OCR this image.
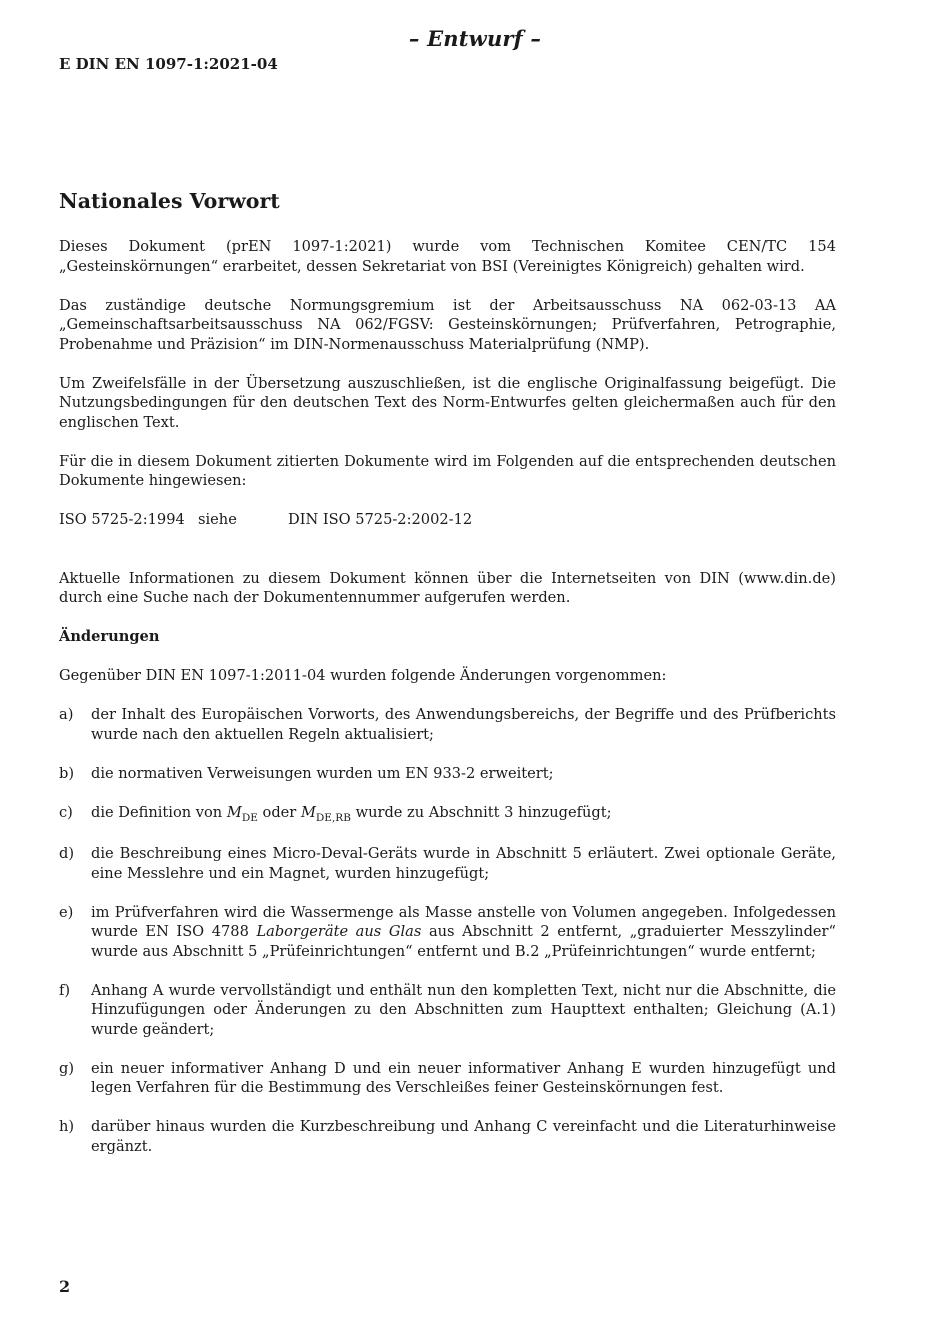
– Entwurf –
E DIN EN 1097-1:2021-04
Nationales Vorwort

Dieses Dokument (prEN 1097-1:2021) wurde vom Technischen Komitee CEN/TC 154 „Gesteinskörnungen“ erarbeitet, dessen Sekretariat von BSI (Vereinigtes Königreich) gehalten wird.

Das zuständige deutsche Normungsgremium ist der Arbeitsausschuss NA 062-03-13 AA „Gemeinschaftsarbeitsausschuss NA 062/FGSV: Gesteinskörnungen; Prüfverfahren, Petrographie, Probenahme und Präzision“ im DIN-Normenausschuss Materialprüfung (NMP).

Um Zweifelsfälle in der Übersetzung auszuschließen, ist die englische Originalfassung beigefügt. Die Nutzungsbedingungen für den deutschen Text des Norm-Entwurfes gelten gleichermaßen auch für den englischen Text.

Für die in diesem Dokument zitierten Dokumente wird im Folgenden auf die entsprechenden deutschen Dokumente hingewiesen:

ISO 5725-2:1994 siehe	DIN ISO 5725-2:2002-12

Aktuelle Informationen zu diesem Dokument können über die Internetseiten von DIN (www.din.de) durch eine Suche nach der Dokumentennummer aufgerufen werden.

Änderungen

Gegenüber DIN EN 1097-1:2011-04 wurden folgende Änderungen vorgenommen:

a)	der Inhalt des Europäischen Vorworts, des Anwendungsbereichs, der Begriffe und des Prüfberichts wurde nach den aktuellen Regeln aktualisiert;
b)	die normativen Verweisungen wurden um EN 933-2 erweitert;
c)	die Definition von $M_{DE}$ oder $M_{DE,RB}$ wurde zu Abschnitt 3 hinzugefügt;
d)	die Beschreibung eines Micro-Deval-Geräts wurde in Abschnitt 5 erläutert. Zwei optionale Geräte, eine Messlehre und ein Magnet, wurden hinzugefügt;
e)	im Prüfverfahren wird die Wassermenge als Masse anstelle von Volumen angegeben. Infolgedessen wurde EN ISO 4788 Laborgeräte aus Glas aus Abschnitt 2 entfernt, „graduierter Messzylinder“ wurde aus Abschnitt 5 „Prüfeinrichtungen“ entfernt und B.2 „Prüfeinrichtungen“ wurde entfernt;
f)	Anhang A wurde vervollständigt und enthält nun den kompletten Text, nicht nur die Abschnitte, die Hinzufügungen oder Änderungen zu den Abschnitten zum Haupttext enthalten; Gleichung (A.1) wurde geändert;
g)	ein neuer informativer Anhang D und ein neuer informativer Anhang E wurden hinzugefügt und legen Verfahren für die Bestimmung des Verschleißes feiner Gesteinskörnungen fest.
h)	darüber hinaus wurden die Kurzbeschreibung und Anhang C vereinfacht und die Literaturhinweise ergänzt.
2
